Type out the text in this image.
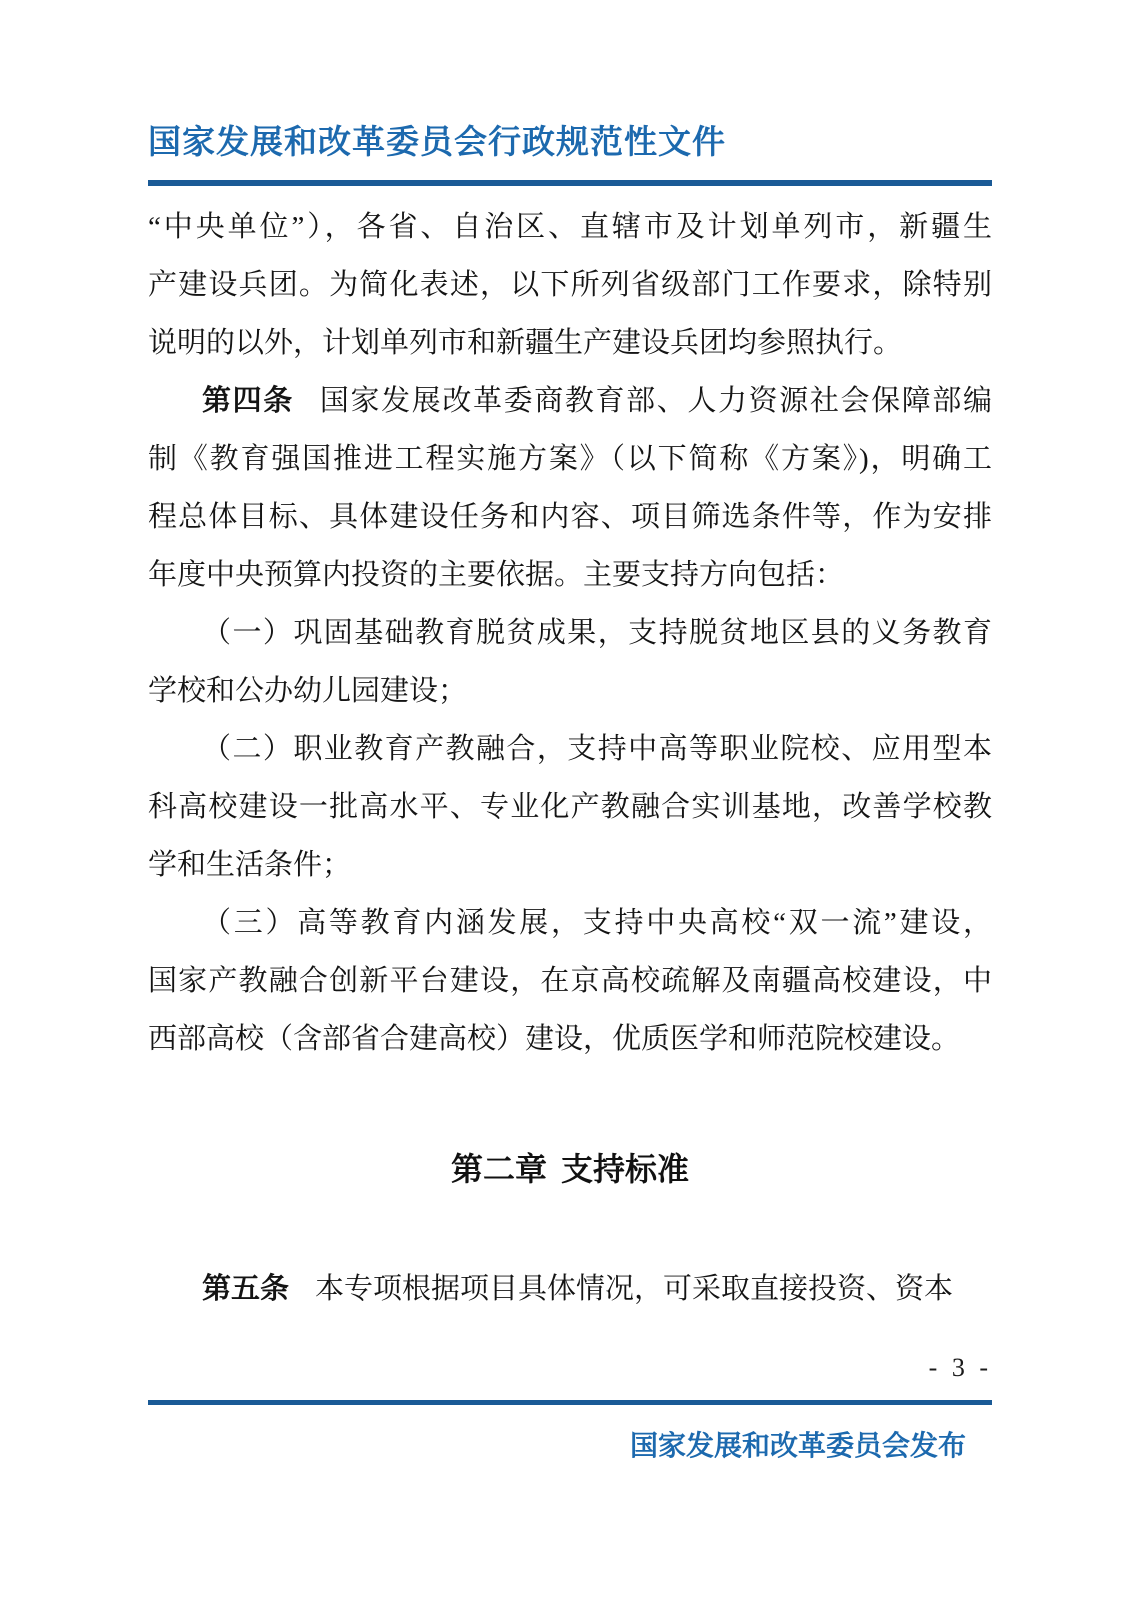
国家发展和改革委员会行政规范性文件
“中央单位”），各省、自治区、直辖市及计划单列市，新疆生
产建设兵团。为简化表述，以下所列省级部门工作要求，除特别
说明的以外，计划单列市和新疆生产建设兵团均参照执行。
第四条 国家发展改革委商教育部、人力资源社会保障部编
制《教育强国推进工程实施方案》（以下简称《方案》)，明确工
程总体目标、具体建设任务和内容、项目筛选条件等，作为安排
年度中央预算内投资的主要依据。主要支持方向包括：
（一）巩固基础教育脱贫成果，支持脱贫地区县的义务教育
学校和公办幼儿园建设；
（二）职业教育产教融合，支持中高等职业院校、应用型本
科高校建设一批高水平、专业化产教融合实训基地，改善学校教
学和生活条件；
（三）高等教育内涵发展，支持中央高校“双一流”建设，
国家产教融合创新平台建设，在京高校疏解及南疆高校建设，中
西部高校（含部省合建高校）建设，优质医学和师范院校建设。
第二章 支持标准
第五条 本专项根据项目具体情况，可采取直接投资、资本
- 3 -
国家发展和改革委员会发布
